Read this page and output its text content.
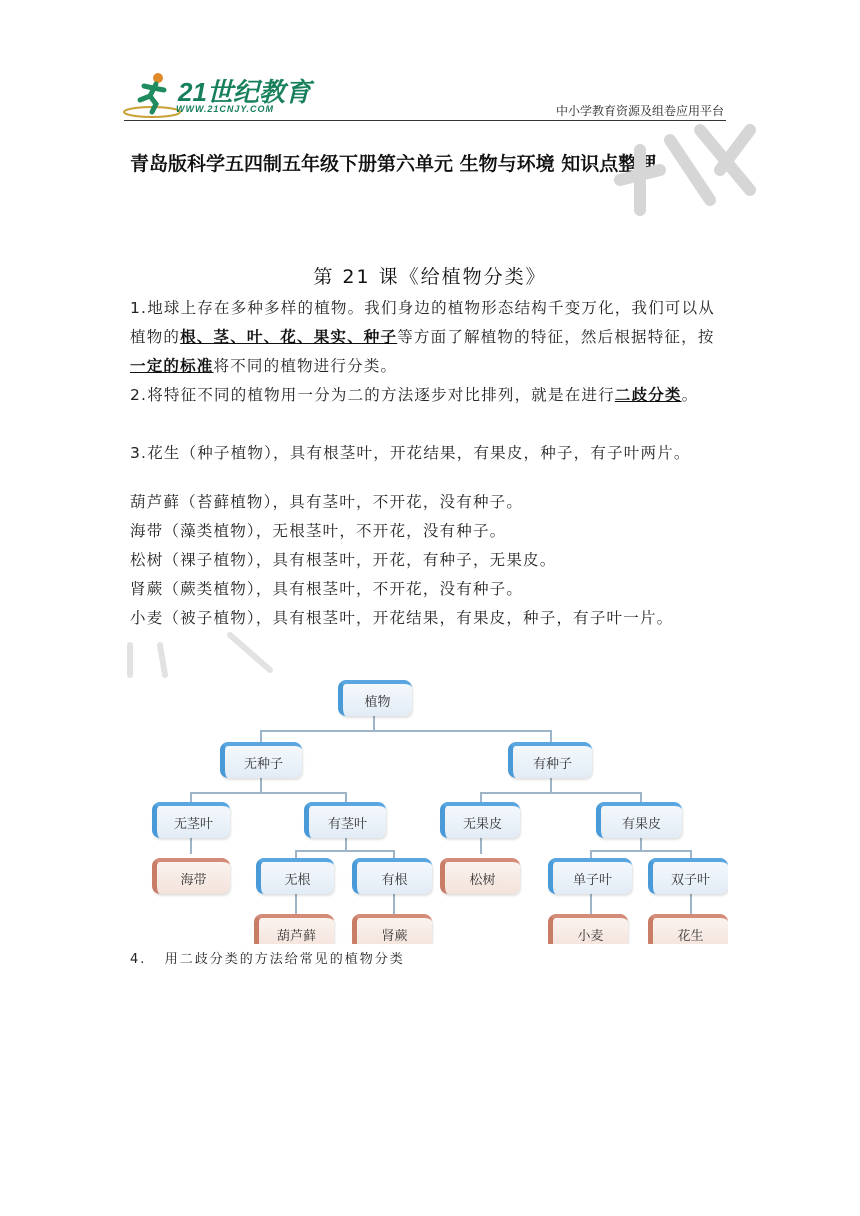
21世纪教育
WWW.21CNJY.COM	中小学教育资源及组卷应用平台
青岛版科学五四制五年级下册第六单元 生物与环境 知识点整理
第 21 课《给植物分类》
1.地球上存在多种多样的植物。我们身边的植物形态结构千变万化，我们可以从植物的根、茎、叶、花、果实、种子等方面了解植物的特征，然后根据特征，按一定的标准将不同的植物进行分类。
2.将特征不同的植物用一分为二的方法逐步对比排列，就是在进行二歧分类。
3.花生（种子植物），具有根茎叶，开花结果，有果皮，种子，有子叶两片。
葫芦藓（苔藓植物），具有茎叶，不开花，没有种子。
海带（藻类植物），无根茎叶，不开花，没有种子。
松树（裸子植物），具有根茎叶，开花，有种子，无果皮。
肾蕨（蕨类植物），具有根茎叶，不开花，没有种子。
小麦（被子植物），具有根茎叶，开花结果，有果皮，种子，有子叶一片。
植物
无种子	有种子
无茎叶	有茎叶	无果皮	有果皮
海带	无根	有根	松树	单子叶	双子叶
葫芦藓	肾蕨	小麦	花生
4.   用二歧分类的方法给常见的植物分类
